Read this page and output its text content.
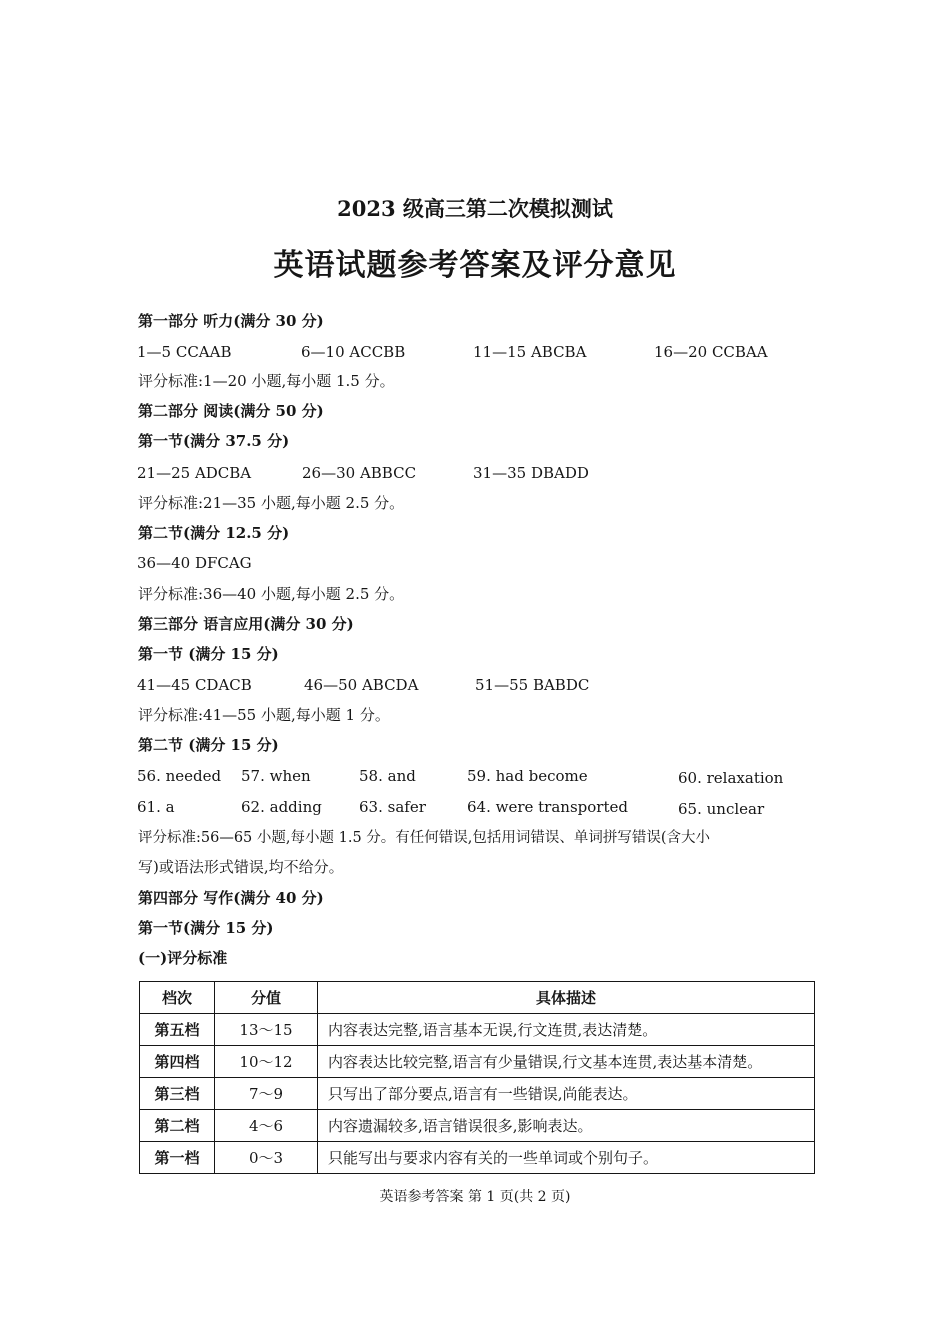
2023 级高三第二次模拟测试
英语试题参考答案及评分意见
第一部分 听力(满分 30 分)
1—5 CCAAB	6—10 ACCBB	11—15 ABCBA	16—20 CCBAA
评分标准:1—20 小题,每小题 1.5 分。
第二部分 阅读(满分 50 分)
第一节(满分 37.5 分)
21—25 ADCBA	26—30 ABBCC	31—35 DBADD
评分标准:21—35 小题,每小题 2.5 分。
第二节(满分 12.5 分)
36—40 DFCAG
评分标准:36—40 小题,每小题 2.5 分。
第三部分 语言应用(满分 30 分)
第一节 (满分 15 分)
41—45 CDACB	46—50 ABCDA	51—55 BABDC
评分标准:41—55 小题,每小题 1 分。
第二节 (满分 15 分)
56. needed 57. when	58. and	59. had become	60. relaxation
61. a	62. adding 63. safer	64. were transported	65. unclear
评分标准:56—65 小题,每小题 1.5 分。有任何错误,包括用词错误、单词拼写错误(含大小
写)或语法形式错误,均不给分。
第四部分 写作(满分 40 分)
第一节(满分 15 分)
(一)评分标准
档次	分值	具体描述
第五档	13～15	内容表达完整,语言基本无误,行文连贯,表达清楚。
第四档	10～12	内容表达比较完整,语言有少量错误,行文基本连贯,表达基本清楚。
第三档	7～9	只写出了部分要点,语言有一些错误,尚能表达。
第二档	4～6	内容遗漏较多,语言错误很多,影响表达。
第一档	0～3	只能写出与要求内容有关的一些单词或个别句子。
英语参考答案 第 1 页(共 2 页)
